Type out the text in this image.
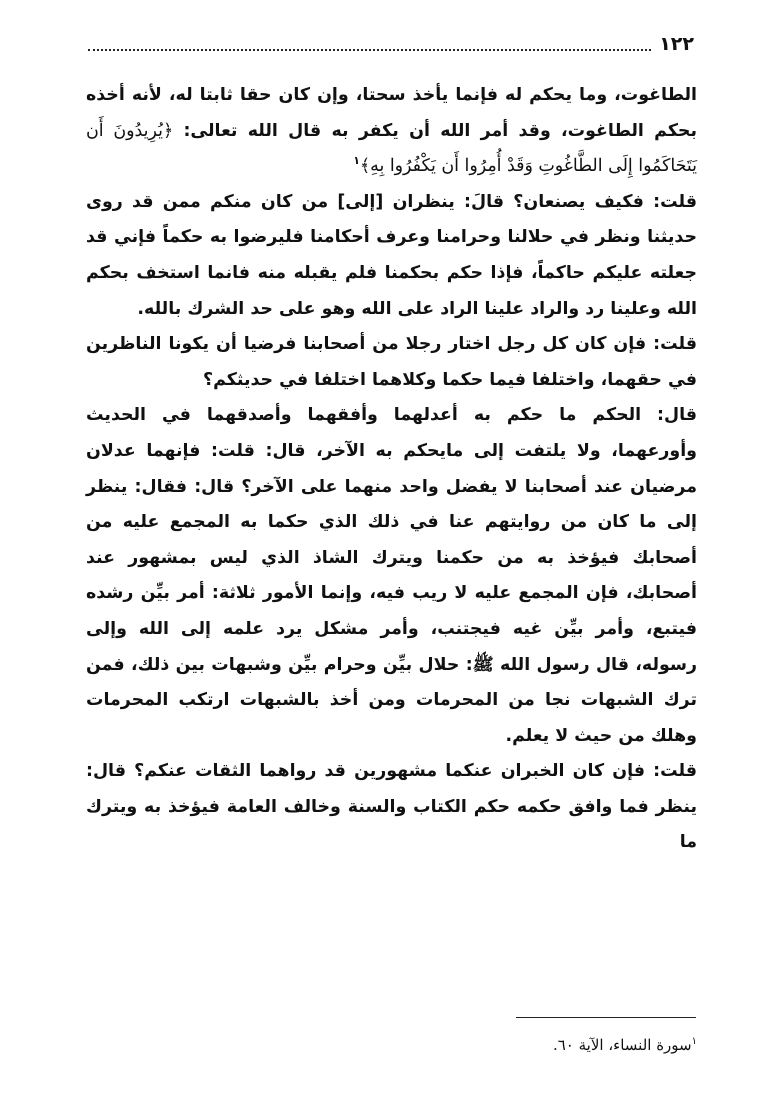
١٢٢

الطاغوت، وما يحكم له فإنما يأخذ سحتا، وإن كان حقا ثابتا له، لأنه أخذه بحكم الطاغوت، وقد أمر الله أن يكفر به قال الله تعالى: ﴿يُرِيدُونَ أَن يَتَحَاكَمُوا إِلَى الطَّاغُوتِ وَقَدْ أُمِرُوا أَن يَكْفُرُوا بِهِ﴾$^١$

قلت: فكيف يصنعان؟ قالَ: ينظران [إلى] من كان منكم ممن قد روى حديثنا ونظر في حلالنا وحرامنا وعرف أحكامنا فليرضوا به حكماً فإني قد جعلته عليكم حاكماً، فإذا حكم بحكمنا فلم يقبله منه فانما استخف بحكم الله وعلينا رد والراد علينا الراد على الله وهو على حد الشرك بالله.

قلت: فإن كان كل رجل اختار رجلا من أصحابنا فرضيا أن يكونا الناظرين في حقهما، واختلفا فيما حكما وكلاهما اختلفا في حديثكم؟

قال: الحكم ما حكم به أعدلهما وأفقهما وأصدقهما في الحديث وأورعهما، ولا يلتفت إلى مايحكم به الآخر، قال: قلت: فإنهما عدلان مرضيان عند أصحابنا لا يفضل واحد منهما على الآخر؟ قال: فقال: ينظر إلى ما كان من روايتهم عنا في ذلك الذي حكما به المجمع عليه من أصحابك فيؤخذ به من حكمنا ويترك الشاذ الذي ليس بمشهور عند أصحابك، فإن المجمع عليه لا ريب فيه، وإنما الأمور ثلاثة: أمر بيِّن رشده فيتبع، وأمر بيِّن غيه فيجتنب، وأمر مشكل يرد علمه إلى الله وإلى رسوله، قال رسول الله ﷺ: حلال بيِّن وحرام بيِّن وشبهات بين ذلك، فمن ترك الشبهات نجا من المحرمات ومن أخذ بالشبهات ارتكب المحرمات وهلك من حيث لا يعلم.

قلت: فإن كان الخبران عنكما مشهورين قد رواهما الثقات عنكم؟ قال: ينظر فما وافق حكمه حكم الكتاب والسنة وخالف العامة فيؤخذ به ويترك ما

$^١$سورة النساء، الآية ٦٠.
